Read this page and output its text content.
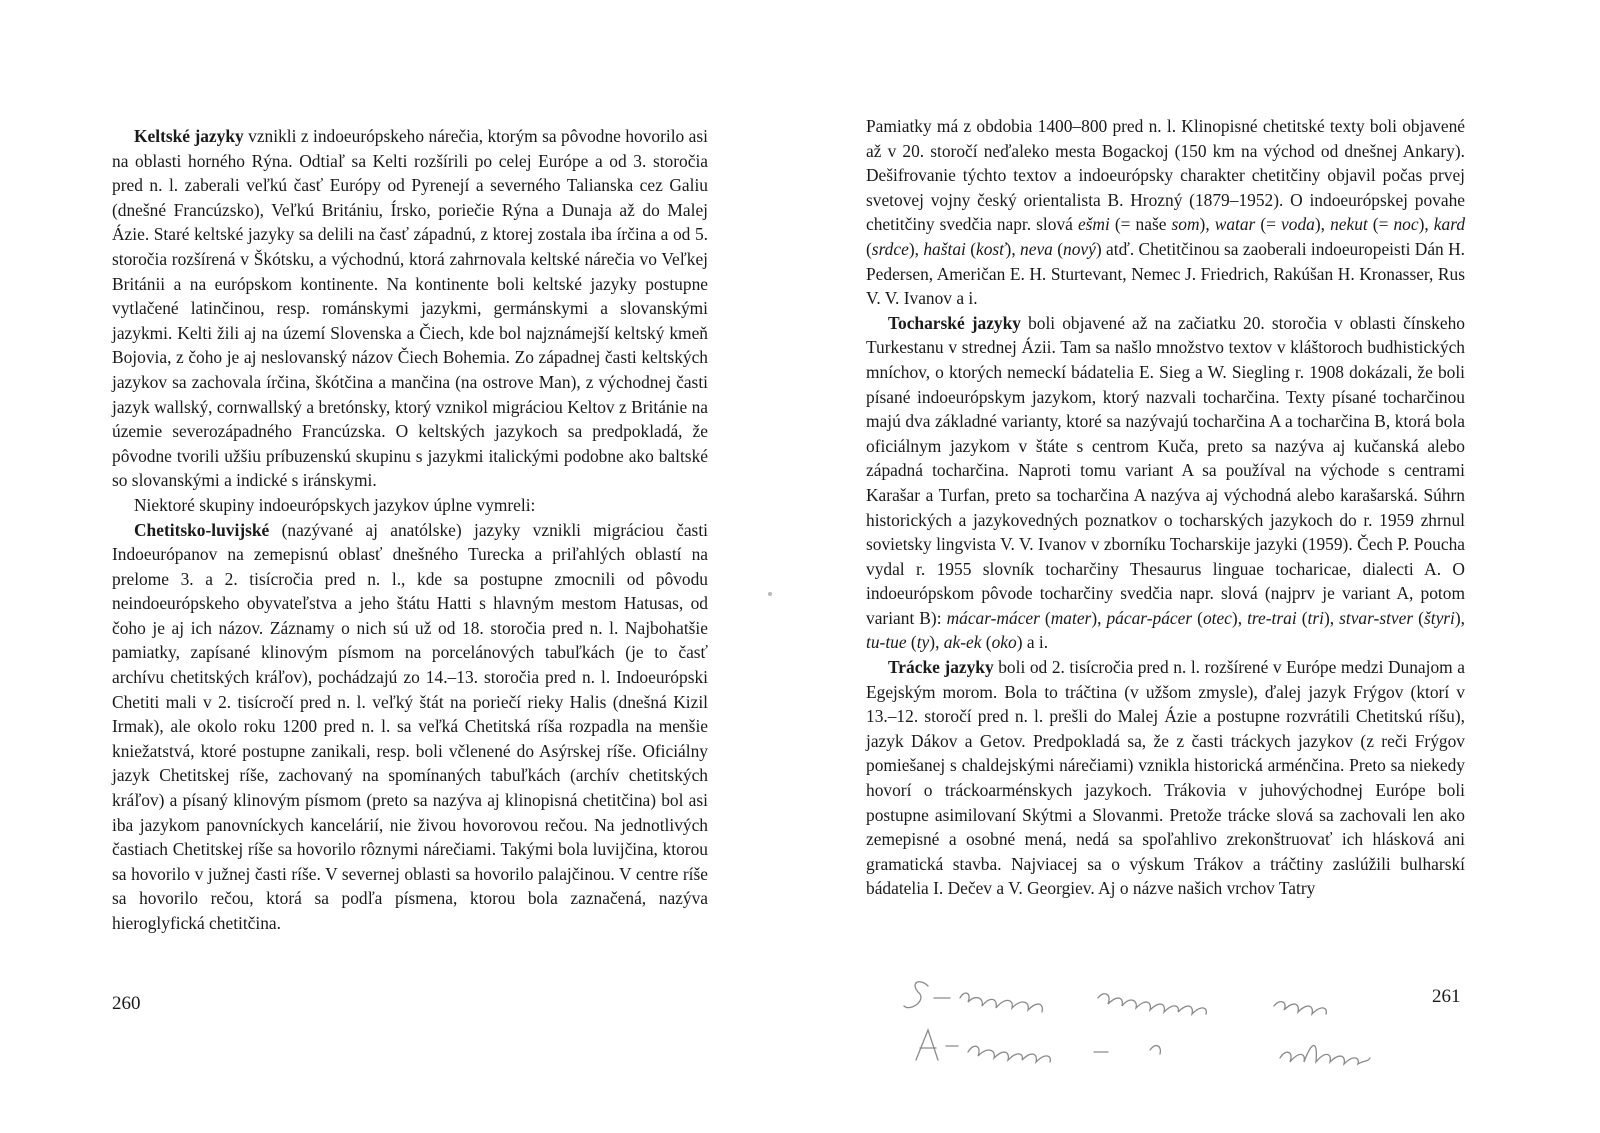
Keltské jazyky vznikli z indoeurópskeho nárečia, ktorým sa pôvodne hovorilo asi na oblasti horného Rýna. Odtiaľ sa Kelti rozšírili po celej Európe a od 3. storočia pred n. l. zaberali veľkú časť Európy od Pyrenejí a severného Talianska cez Galiu (dnešné Francúzsko), Veľkú Britániu, Írsko, poriečie Rýna a Dunaja až do Malej Ázie. Staré keltské jazyky sa delili na časť západnú, z ktorej zostala iba írčina a od 5. storočia rozšírená v Škótsku, a východnú, ktorá zahrnovala keltské nárečia vo Veľkej Británii a na európskom kontinente. Na kontinente boli keltské jazyky postupne vytlačené latinčinou, resp. románskymi jazykmi, germánskymi a slovanskými jazykmi. Kelti žili aj na území Slovenska a Čiech, kde bol najznámejší keltský kmeň Bojovia, z čoho je aj neslovanský názov Čiech Bohemia. Zo západnej časti keltských jazykov sa zachovala írčina, škótčina a mančina (na ostrove Man), z východnej časti jazyk wallský, cornwallský a bretónsky, ktorý vznikol migráciou Keltov z Británie na územie severozápadného Francúzska. O keltských jazykoch sa predpokladá, že pôvodne tvorili užšiu príbuzenskú skupinu s jazykmi italickými podobne ako baltské so slovanskými a indické s iránskymi.

Niektoré skupiny indoeurópskych jazykov úplne vymreli:

Chetitsko-luvijské (nazývané aj anatólske) jazyky vznikli migráciou časti Indoeurópanov na zemepisnú oblasť dnešného Turecka a priľahlých oblastí na prelome 3. a 2. tisícročia pred n. l., kde sa postupne zmocnili od pôvodu neindoeurópskeho obyvateľstva a jeho štátu Hatti s hlavným mestom Hatusas, od čoho je aj ich názov. Záznamy o nich sú už od 18. storočia pred n. l. Najbohatšie pamiatky, zapísané klinovým písmom na porcelánových tabuľkách (je to časť archívu chetitských kráľov), pochádzajú zo 14.–13. storočia pred n. l. Indoeurópski Chetiti mali v 2. tisícročí pred n. l. veľký štát na poriečí rieky Halis (dnešná Kizil Irmak), ale okolo roku 1200 pred n. l. sa veľká Chetitská ríša rozpadla na menšie kniežatstvá, ktoré postupne zanikali, resp. boli včlenené do Asýrskej ríše. Oficiálny jazyk Chetitskej ríše, zachovaný na spomínaných tabuľkách (archív chetitských kráľov) a písaný klinovým písmom (preto sa nazýva aj klinopisná chetitčina) bol asi iba jazykom panovníckych kancelárií, nie živou hovorovou rečou. Na jednotlivých častiach Chetitskej ríše sa hovorilo rôznymi nárečiami. Takými bola luvijčina, ktorou sa hovorilo v južnej časti ríše. V severnej oblasti sa hovorilo palajčinou. V centre ríše sa hovorilo rečou, ktorá sa podľa písmena, ktorou bola zaznačená, nazýva hieroglyfická chetitčina.

260

Pamiatky má z obdobia 1400–800 pred n. l. Klinopisné chetitské texty boli objavené až v 20. storočí neďaleko mesta Bogackoj (150 km na východ od dnešnej Ankary). Dešifrovanie týchto textov a indoeurópsky charakter chetitčiny objavil počas prvej svetovej vojny český orientalista B. Hrozný (1879–1952). O indoeurópskej povahe chetitčiny svedčia napr. slová ešmi (= naše som), watar (= voda), nekut (= noc), kard (srdce), haštai (kosť), neva (nový) atď. Chetitčinou sa zaoberali indoeuropeisti Dán H. Pedersen, Američan E. H. Sturtevant, Nemec J. Friedrich, Rakúšan H. Kronasser, Rus V. V. Ivanov a i.

Tocharské jazyky boli objavené až na začiatku 20. storočia v oblasti čínskeho Turkestanu v strednej Ázii. Tam sa našlo množstvo textov v kláštoroch budhistických mníchov, o ktorých nemeckí bádatelia E. Sieg a W. Siegling r. 1908 dokázali, že boli písané indoeurópskym jazykom, ktorý nazvali tocharčina. Texty písané tocharčinou majú dva základné varianty, ktoré sa nazývajú tocharčina A a tocharčina B, ktorá bola oficiálnym jazykom v štáte s centrom Kuča, preto sa nazýva aj kučanská alebo západná tocharčina. Naproti tomu variant A sa používal na východe s centrami Karašar a Turfan, preto sa tocharčina A nazýva aj východná alebo karašarská. Súhrn historických a jazykovedných poznatkov o tocharských jazykoch do r. 1959 zhrnul sovietsky lingvista V. V. Ivanov v zborníku Tocharskije jazyki (1959). Čech P. Poucha vydal r. 1955 slovník tocharčiny Thesaurus linguae tocharicae, dialecti A. O indoeurópskom pôvode tocharčiny svedčia napr. slová (najprv je variant A, potom variant B): mácar-mácer (mater), pácar-pácer (otec), tre-trai (tri), stvar-stver (štyri), tu-tue (ty), ak-ek (oko) a i.

Trácke jazyky boli od 2. tisícročia pred n. l. rozšírené v Európe medzi Dunajom a Egejským morom. Bola to tráčtina (v užšom zmysle), ďalej jazyk Frýgov (ktorí v 13.–12. storočí pred n. l. prešli do Malej Ázie a postupne rozvrátili Chetitskú ríšu), jazyk Dákov a Getov. Predpokladá sa, že z časti tráckych jazykov (z reči Frýgov pomiešanej s chaldejskými nárečiami) vznikla historická arménčina. Preto sa niekedy hovorí o tráckoarménskych jazykoch. Trákovia v juhovýchodnej Európe boli postupne asimilovaní Skýtmi a Slovanmi. Pretože trácke slová sa zachovali len ako zemepisné a osobné mená, nedá sa spoľahlivo zrekonštruovať ich hlásková ani gramatická stavba. Najviacej sa o výskum Trákov a tráčtiny zaslúžili bulharskí bádatelia I. Dečev a V. Georgiev. Aj o názve našich vrchov Tatry

261
